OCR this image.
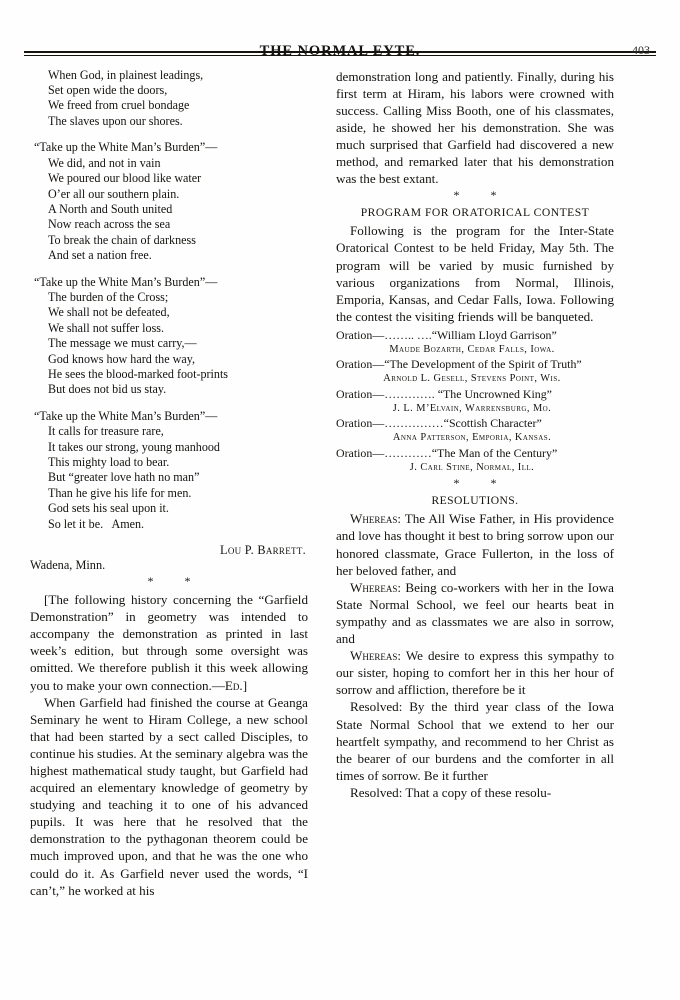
THE NORMAL EYTE.	403
When God, in plainest leadings,
Set open wide the doors,
We freed from cruel bondage
The slaves upon our shores.
“Take up the White Man’s Burden”—
We did, and not in vain
We poured our blood like water
O’er all our southern plain.
A North and South united
Now reach across the sea
To break the chain of darkness
And set a nation free.
“Take up the White Man’s Burden”—
The burden of the Cross;
We shall not be defeated,
We shall not suffer loss.
The message we must carry,—
God knows how hard the way,
He sees the blood-marked foot-prints
But does not bid us stay.
“Take up the White Man’s Burden”—
It calls for treasure rare,
It takes our strong, young manhood
This mighty load to bear.
But “greater love hath no man”
Than he give his life for men.
God sets his seal upon it.
So let it be.   Amen.
Lou P. Barrett.
Wadena, Minn.
* *

[The following history concerning the “Garfield Demonstration” in geometry was intended to accompany the demonstration as printed in last week’s edition, but through some oversight was omitted. We therefore publish it this week allowing you to make your own connection.—Ed.]

When Garfield had finished the course at Geanga Seminary he went to Hiram College, a new school that had been started by a sect called Disciples, to continue his studies. At the seminary algebra was the highest mathematical study taught, but Garfield had acquired an elementary knowledge of geometry by studying and teaching it to one of his advanced pupils. It was here that he resolved that the demonstration to the pythagonan theorem could be much improved upon, and that he was the one who could do it. As Garfield never used the words, “I can’t,” he worked at his

demonstration long and patiently. Finally, during his first term at Hiram, his labors were crowned with success. Calling Miss Booth, one of his classmates, aside, he showed her his demonstration. She was much surprised that Garfield had discovered a new method, and remarked later that his demonstration was the best extant.

* *
PROGRAM FOR ORATORICAL CONTEST

Following is the program for the Inter-State Oratorical Contest to be held Friday, May 5th. The program will be varied by music furnished by various organizations from Normal, Illinois, Emporia, Kansas, and Cedar Falls, Iowa. Following the contest the visiting friends will be banqueted.

Oration—…….. ….“William Lloyd Garrison”
Maude Bozarth, Cedar Falls, Iowa.
Oration—“The Development of the Spirit of Truth”
Arnold L. Gesell, Stevens Point, Wis.
Oration—…………. “The Uncrowned King”
J. L. M’Elvain, Warrensburg, Mo.
Oration—……………“Scottish Character”
Anna Patterson, Emporia, Kansas.
Oration—…………“The Man of the Century”
J. Carl Stine, Normal, Ill.
* *
RESOLUTIONS.

Whereas: The All Wise Father, in His providence and love has thought it best to bring sorrow upon our honored classmate, Grace Fullerton, in the loss of her beloved father, and

Whereas: Being co-workers with her in the Iowa State Normal School, we feel our hearts beat in sympathy and as classmates we are also in sorrow, and

Whereas: We desire to express this sympathy to our sister, hoping to comfort her in this her hour of sorrow and affliction, therefore be it

Resolved: By the third year class of the Iowa State Normal School that we extend to her our heartfelt sympathy, and recommend to her Christ as the bearer of our burdens and the comforter in all times of sorrow. Be it further

Resolved: That a copy of these resolu-
